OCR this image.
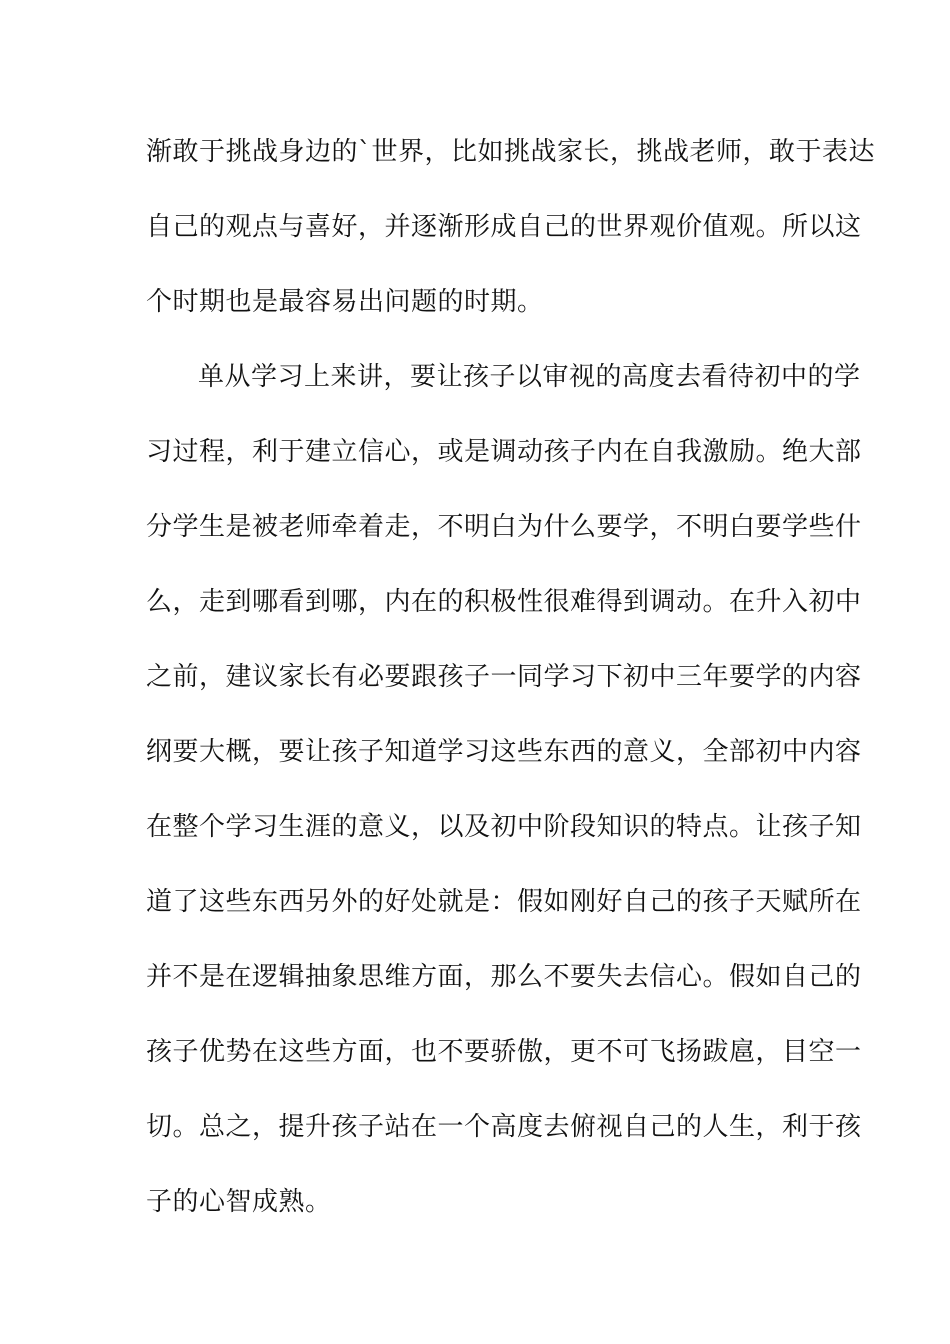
渐敢于挑战身边的`世界，比如挑战家长，挑战老师，敢于表达
自己的观点与喜好，并逐渐形成自己的世界观价值观。所以这
个时期也是最容易出问题的时期。
单从学习上来讲，要让孩子以审视的高度去看待初中的学
习过程，利于建立信心，或是调动孩子内在自我激励。绝大部
分学生是被老师牵着走，不明白为什么要学，不明白要学些什
么，走到哪看到哪，内在的积极性很难得到调动。在升入初中
之前，建议家长有必要跟孩子一同学习下初中三年要学的内容
纲要大概，要让孩子知道学习这些东西的意义，全部初中内容
在整个学习生涯的意义，以及初中阶段知识的特点。让孩子知
道了这些东西另外的好处就是：假如刚好自己的孩子天赋所在
并不是在逻辑抽象思维方面，那么不要失去信心。假如自己的
孩子优势在这些方面，也不要骄傲，更不可飞扬跋扈，目空一
切。总之，提升孩子站在一个高度去俯视自己的人生，利于孩
子的心智成熟。
